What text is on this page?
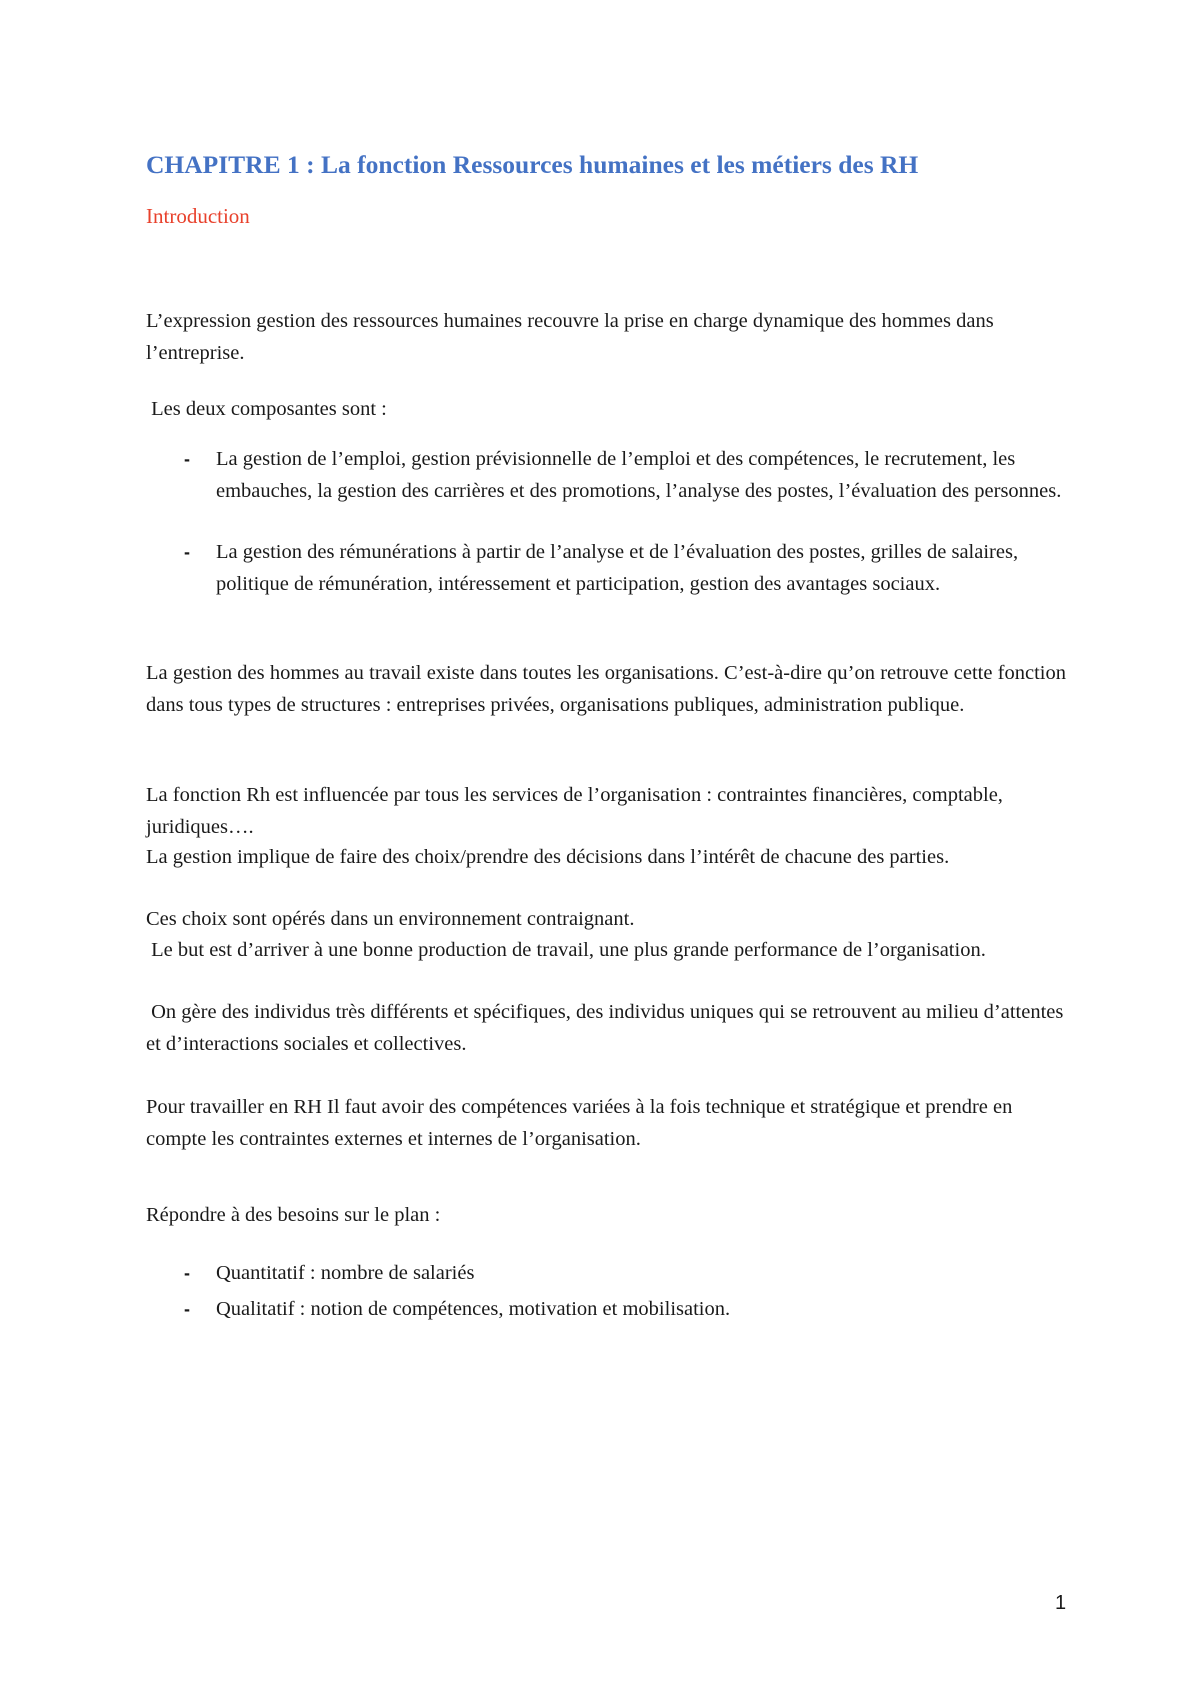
CHAPITRE 1 : La fonction Ressources humaines et les métiers des RH
Introduction

L’expression gestion des ressources humaines recouvre la prise en charge dynamique des hommes dans l’entreprise.

Les deux composantes sont :

- La gestion de l’emploi, gestion prévisionnelle de l’emploi et des compétences, le recrutement, les embauches, la gestion des carrières et des promotions, l’analyse des postes, l’évaluation des personnes.
- La gestion des rémunérations à partir de l’analyse et de l’évaluation des postes, grilles de salaires, politique de rémunération, intéressement et participation, gestion des avantages sociaux.

La gestion des hommes au travail existe dans toutes les organisations. C’est-à-dire qu’on retrouve cette fonction dans tous types de structures : entreprises privées, organisations publiques, administration publique.

La fonction Rh est influencée par tous les services de l’organisation : contraintes financières, comptable, juridiques….

La gestion implique de faire des choix/prendre des décisions dans l’intérêt de chacune des parties.

Ces choix sont opérés dans un environnement contraignant.

Le but est d’arriver à une bonne production de travail, une plus grande performance de l’organisation.

On gère des individus très différents et spécifiques, des individus uniques qui se retrouvent au milieu d’attentes et d’interactions sociales et collectives.

Pour travailler en RH Il faut avoir des compétences variées à la fois technique et stratégique et prendre en compte les contraintes externes et internes de l’organisation.

Répondre à des besoins sur le plan :

- Quantitatif : nombre de salariés
- Qualitatif : notion de compétences, motivation et mobilisation.
1
